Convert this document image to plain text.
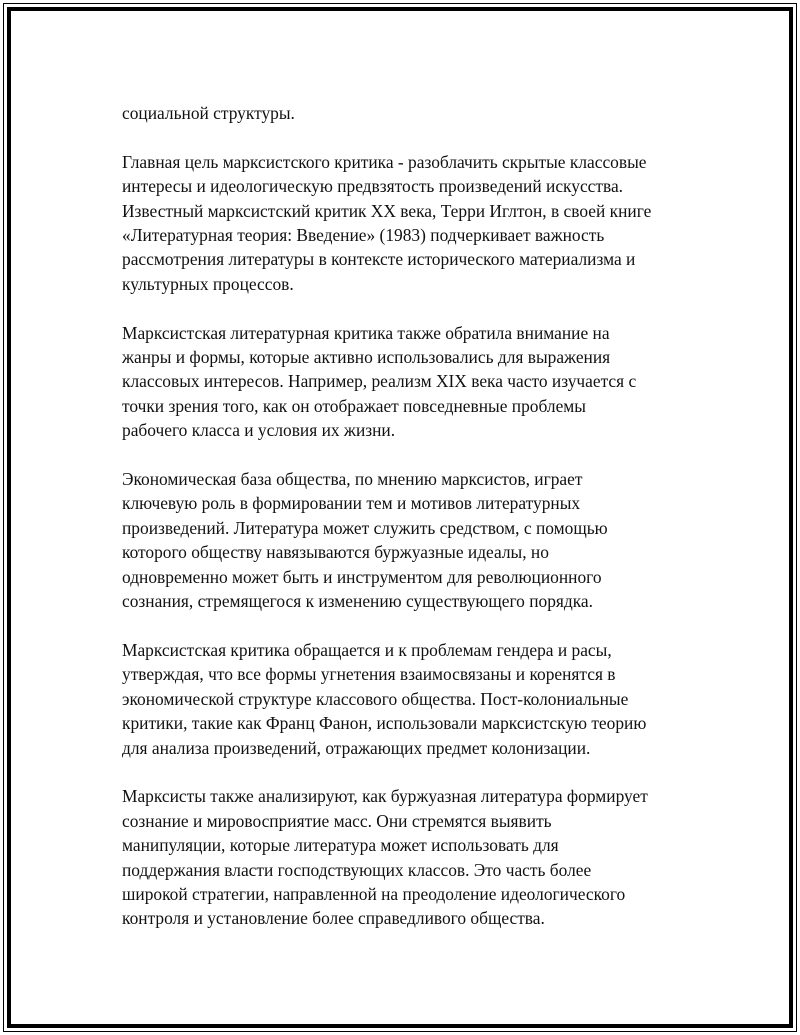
социальной структуры.

Главная цель марксистского критика - разоблачить скрытые классовые
интересы и идеологическую предвзятость произведений искусства.
Известный марксистский критик XX века, Терри Иглтон, в своей книге
«Литературная теория: Введение» (1983) подчеркивает важность
рассмотрения литературы в контексте исторического материализма и
культурных процессов.

Марксистская литературная критика также обратила внимание на
жанры и формы, которые активно использовались для выражения
классовых интересов. Например, реализм XIX века часто изучается с
точки зрения того, как он отображает повседневные проблемы
рабочего класса и условия их жизни.

Экономическая база общества, по мнению марксистов, играет
ключевую роль в формировании тем и мотивов литературных
произведений. Литература может служить средством, с помощью
которого обществу навязываются буржуазные идеалы, но
одновременно может быть и инструментом для революционного
сознания, стремящегося к изменению существующего порядка.

Марксистская критика обращается и к проблемам гендера и расы,
утверждая, что все формы угнетения взаимосвязаны и коренятся в
экономической структуре классового общества. Пост-колониальные
критики, такие как Франц Фанон, использовали марксистскую теорию
для анализа произведений, отражающих предмет колонизации.

Марксисты также анализируют, как буржуазная литература формирует
сознание и мировосприятие масс. Они стремятся выявить
манипуляции, которые литература может использовать для
поддержания власти господствующих классов. Это часть более
широкой стратегии, направленной на преодоление идеологического
контроля и установление более справедливого общества.
